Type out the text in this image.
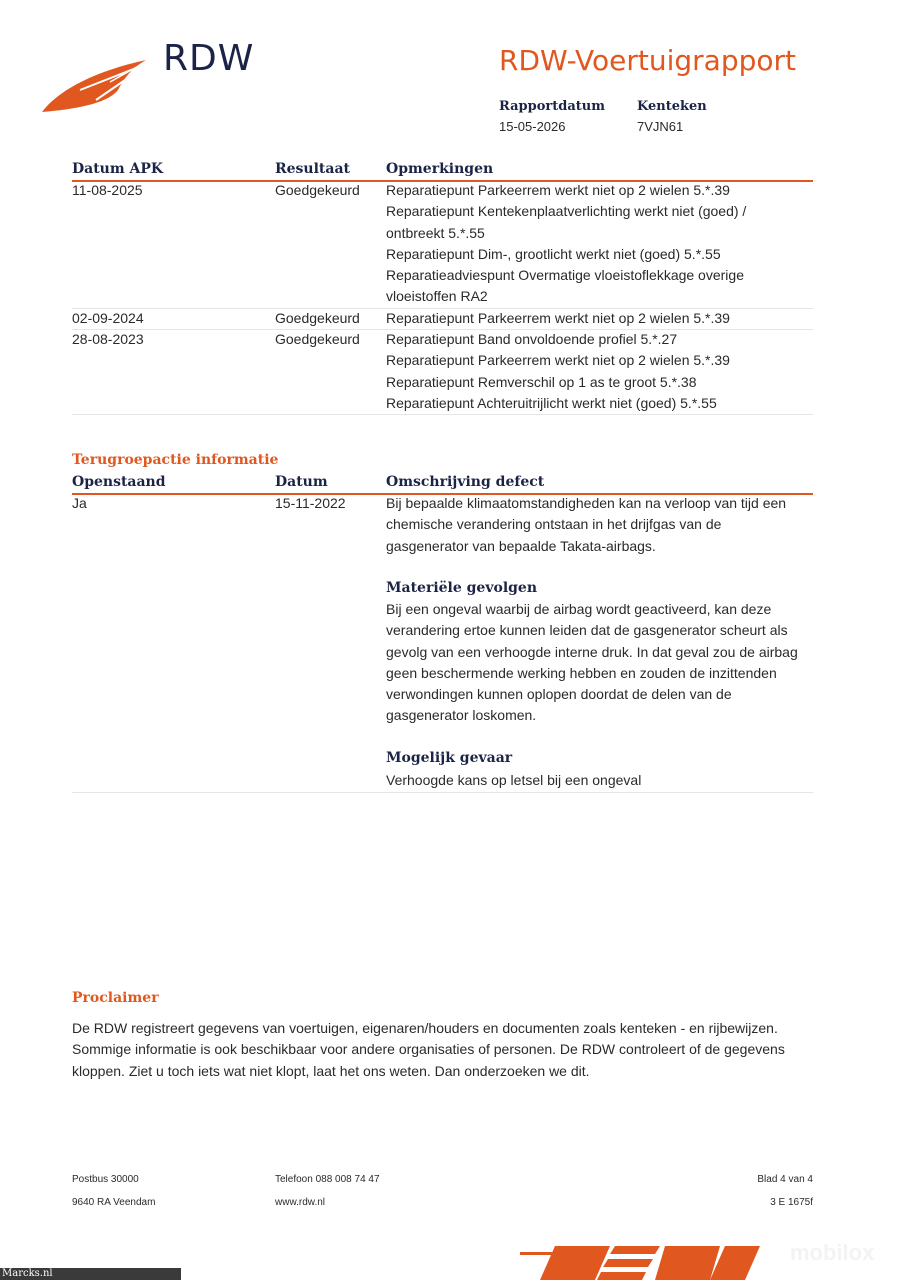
RDW	RDW-Voertuigrapport
Rapportdatum
15-05-2026
Kenteken
7VJN61
Datum APK	Resultaat	Opmerkingen
11-08-2025	Goedgekeurd Reparatiepunt Parkeerrem werkt niet op 2 wielen 5.*.39
Reparatiepunt Kentekenplaatverlichting werkt niet (goed) / ontbreekt 5.*.55
Reparatiepunt Dim-, grootlicht werkt niet (goed) 5.*.55
Reparatieadviespunt Overmatige vloeistoflekkage overige vloeistoffen RA2
02-09-2024	Goedgekeurd Reparatiepunt Parkeerrem werkt niet op 2 wielen 5.*.39
28-08-2023	Goedgekeurd Reparatiepunt Band onvoldoende profiel 5.*.27
Reparatiepunt Parkeerrem werkt niet op 2 wielen 5.*.39
Reparatiepunt Remverschil op 1 as te groot 5.*.38
Reparatiepunt Achteruitrijlicht werkt niet (goed) 5.*.55
Terugroepactie informatie
Openstaand	Datum	Omschrijving defect
Ja	15-11-2022	Bij bepaalde klimaatomstandigheden kan na verloop van tijd een chemische verandering ontstaan in het drijfgas van de gasgenerator van bepaalde Takata-airbags.
Materiële gevolgen
Bij een ongeval waarbij de airbag wordt geactiveerd, kan deze verandering ertoe kunnen leiden dat de gasgenerator scheurt als gevolg van een verhoogde interne druk. In dat geval zou de airbag geen beschermende werking hebben en zouden de inzittenden verwondingen kunnen oplopen doordat de delen van de gasgenerator loskomen.
Mogelijk gevaar
Verhoogde kans op letsel bij een ongeval
Proclaimer
De RDW registreert gegevens van voertuigen, eigenaren/houders en documenten zoals kenteken - en rijbewijzen. Sommige informatie is ook beschikbaar voor andere organisaties of personen. De RDW controleert of de gegevens kloppen. Ziet u toch iets wat niet klopt, laat het ons weten. Dan onderzoeken we dit.
Postbus 30000
9640 RA Veendam
Telefoon 088 008 74 47
www.rdw.nl
Blad 4 van 4
3 E 1675f
Marcks.nl
mobilox
